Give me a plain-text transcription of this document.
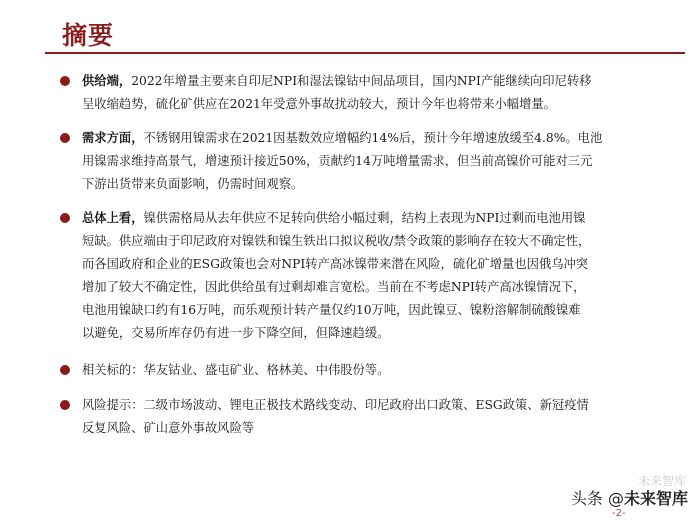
摘要
供给端，2022年增量主要来自印尼NPI和湿法镍钴中间品项目，国内NPI产能继续向印尼转移
呈收缩趋势，硫化矿供应在2021年受意外事故扰动较大，预计今年也将带来小幅增量。
需求方面，不锈钢用镍需求在2021因基数效应增幅约14%后，预计今年增速放缓至4.8%。电池
用镍需求维持高景气，增速预计接近50%，贡献约14万吨增量需求，但当前高镍价可能对三元
下游出货带来负面影响，仍需时间观察。
总体上看，镍供需格局从去年供应不足转向供给小幅过剩，结构上表现为NPI过剩而电池用镍
短缺。供应端由于印尼政府对镍铁和镍生铁出口拟议税收/禁令政策的影响存在较大不确定性，
而各国政府和企业的ESG政策也会对NPI转产高冰镍带来潜在风险，硫化矿增量也因俄乌冲突
增加了较大不确定性，因此供给虽有过剩却难言宽松。当前在不考虑NPI转产高冰镍情况下，
电池用镍缺口约有16万吨，而乐观预计转产量仅约10万吨，因此镍豆、镍粉溶解制硫酸镍难
以避免，交易所库存仍有进一步下降空间，但降速趋缓。
相关标的：华友钴业、盛屯矿业、格林美、中伟股份等。
风险提示：二级市场波动、锂电正极技术路线变动、印尼政府出口政策、ESG政策、新冠疫情
反复风险、矿山意外事故风险等
未来智库
头条 @未来智库
-2-
